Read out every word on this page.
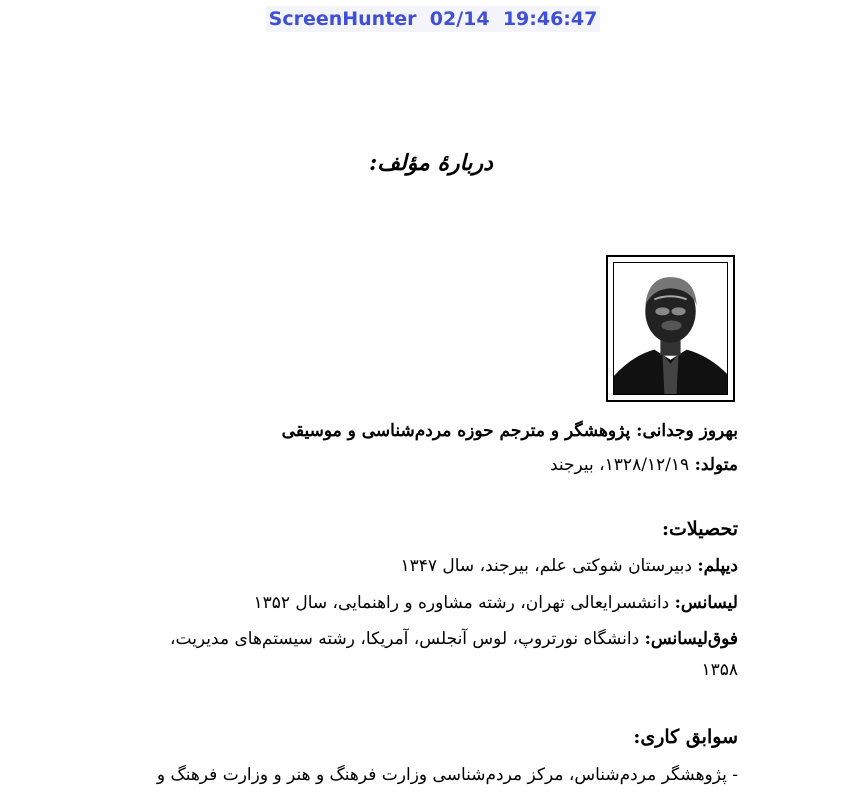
ScreenHunter  02/14  19:46:47
دربارهٔ مؤلف:
بهروز وجدانی: پژوهشگر و مترجم حوزه مردم‌شناسی و موسیقی
متولد: ۱۳۲۸/۱۲/۱۹، بیرجند
تحصیلات:
دیپلم: دبیرستان شوکتی علم، بیرجند، سال ۱۳۴۷
لیسانس: دانشسرایعالی تهران، رشته مشاوره و راهنمایی، سال ۱۳۵۲
فوق‌لیسانس: دانشگاه نورتروپ، لوس آنجلس، آمریکا، رشته سیستم‌های مدیریت،
۱۳۵۸
سوابق کاری:
- پژوهشگر مردم‌شناس، مرکز مردم‌شناسی وزارت فرهنگ و هنر و وزارت فرهنگ و
